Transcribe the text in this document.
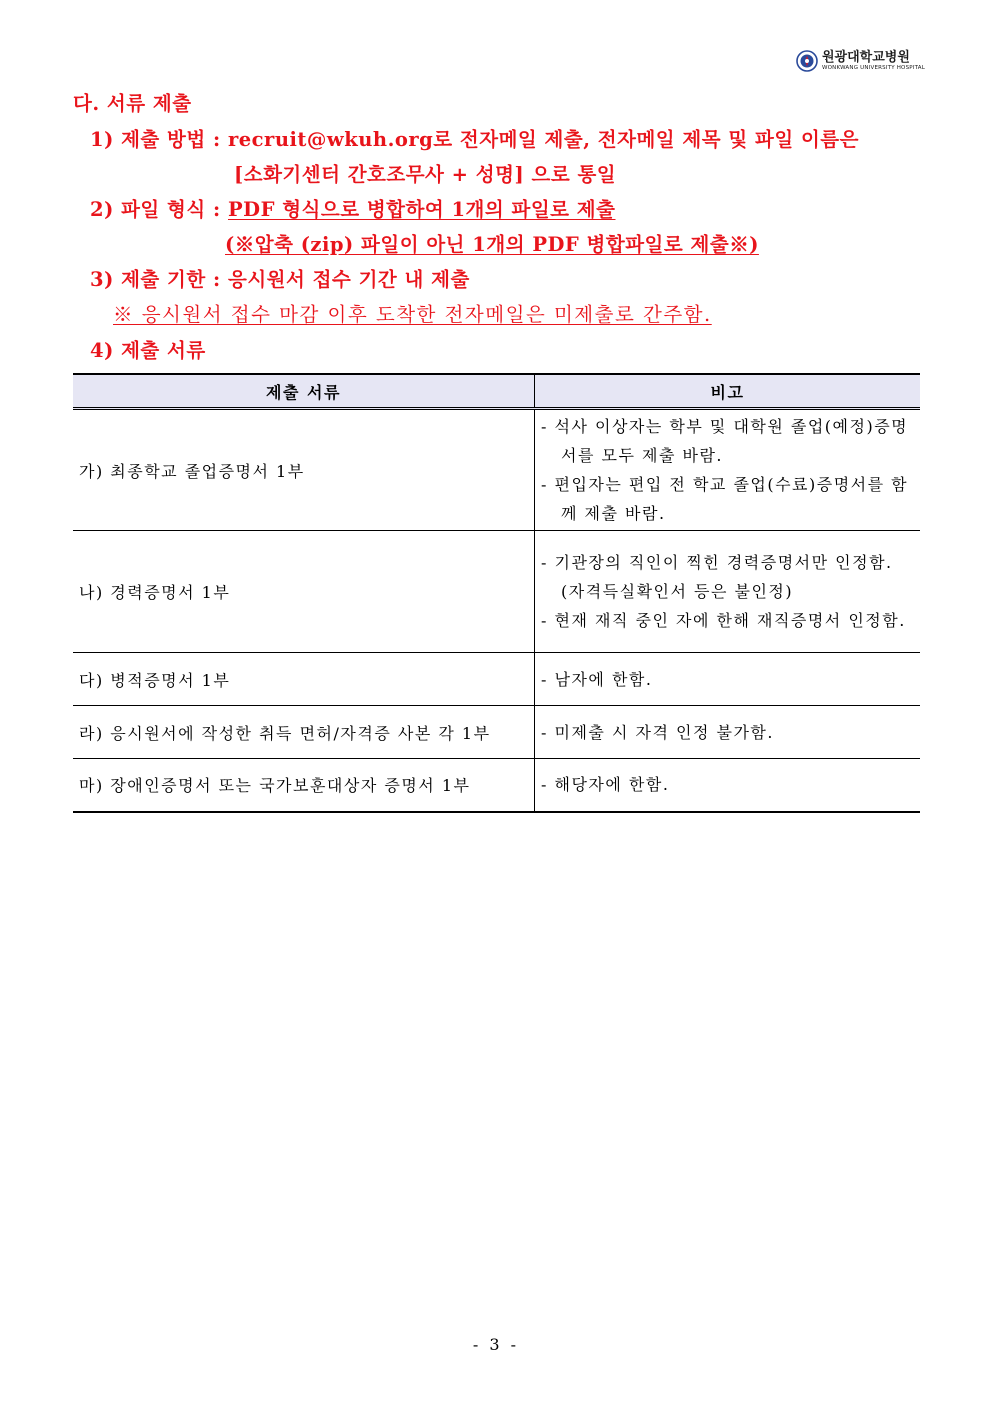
원광대학교병원
WONKWANG UNIVERSITY HOSPITAL
다. 서류 제출
1) 제출 방법 : recruit@wkuh.org로 전자메일 제출, 전자메일 제목 및 파일 이름은
[소화기센터 간호조무사 + 성명] 으로 통일
2) 파일 형식 : PDF 형식으로 병합하여 1개의 파일로 제출
(※압축 (zip) 파일이 아닌 1개의 PDF 병합파일로 제출※)
3) 제출 기한 : 응시원서 접수 기간 내 제출
※ 응시원서 접수 마감 이후 도착한 전자메일은 미제출로 간주함.
4) 제출 서류
제출 서류	비고
가) 최종학교 졸업증명서 1부	- 석사 이상자는 학부 및 대학원 졸업(예정)증명서를 모두 제출 바람.
- 편입자는 편입 전 학교 졸업(수료)증명서를 함께 제출 바람.

나) 경력증명서 1부	- 기관장의 직인이 찍힌 경력증명서만 인정함. (자격득실확인서 등은 불인정)
- 현재 재직 중인 자에 한해 재직증명서 인정함.

다) 병적증명서 1부	- 남자에 한함.

라) 응시원서에 작성한 취득 면허/자격증 사본 각 1부	- 미제출 시 자격 인정 불가함.

마) 장애인증명서 또는 국가보훈대상자 증명서 1부	- 해당자에 한함.
- 3 -
